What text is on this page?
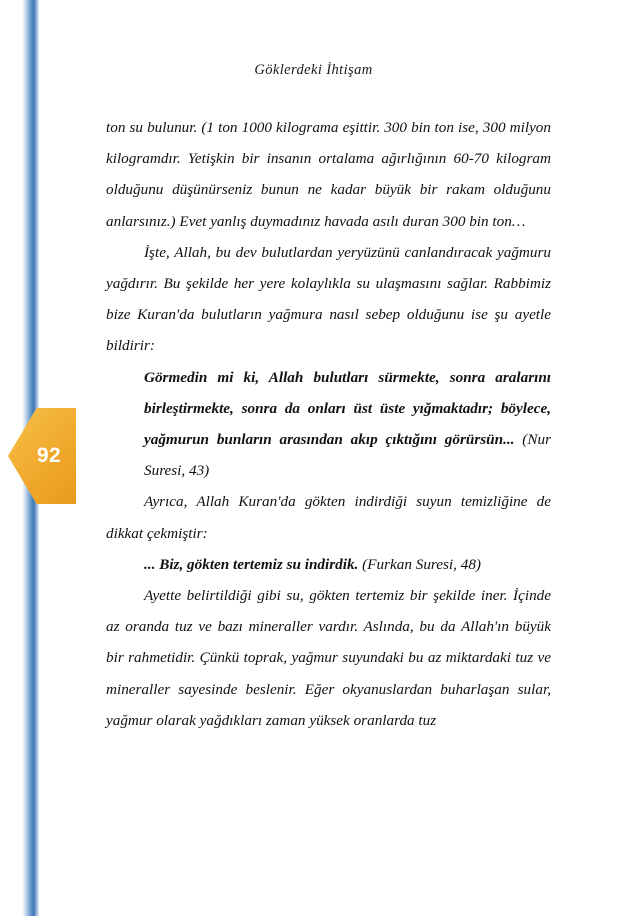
92
Göklerdeki İhtişam

ton su bulunur. (1 ton 1000 kilograma eşittir. 300 bin ton ise, 300 milyon kilogramdır. Yetişkin bir insanın ortalama ağırlığının 60-70 kilogram olduğunu düşünürseniz bunun ne kadar büyük bir rakam olduğunu anlarsınız.) Evet yanlış duymadınız havada asılı duran 300 bin ton…

İşte, Allah, bu dev bulutlardan yeryüzünü canlandıracak yağmuru yağdırır. Bu şekilde her yere kolaylıkla su ulaşmasını sağlar. Rabbimiz bize Kuran'da bulutların yağmura nasıl sebep olduğunu ise şu ayetle bildirir:

Görmedin mi ki, Allah bulutları sürmekte, sonra aralarını birleştirmekte, sonra da onları üst üste yığmaktadır; böylece, yağmurun bunların arasından akıp çıktığını görürsün... (Nur Suresi, 43)

Ayrıca, Allah Kuran'da gökten indirdiği suyun temizliğine de dikkat çekmiştir:

... Biz, gökten tertemiz su indirdik. (Furkan Suresi, 48)

Ayette belirtildiği gibi su, gökten tertemiz bir şekilde iner. İçinde az oranda tuz ve bazı mineraller vardır. Aslında, bu da Allah'ın büyük bir rahmetidir. Çünkü toprak, yağmur suyundaki bu az miktardaki tuz ve mineraller sayesinde beslenir. Eğer okyanuslardan buharlaşan sular, yağmur olarak yağdıkları zaman yüksek oranlarda tuz
